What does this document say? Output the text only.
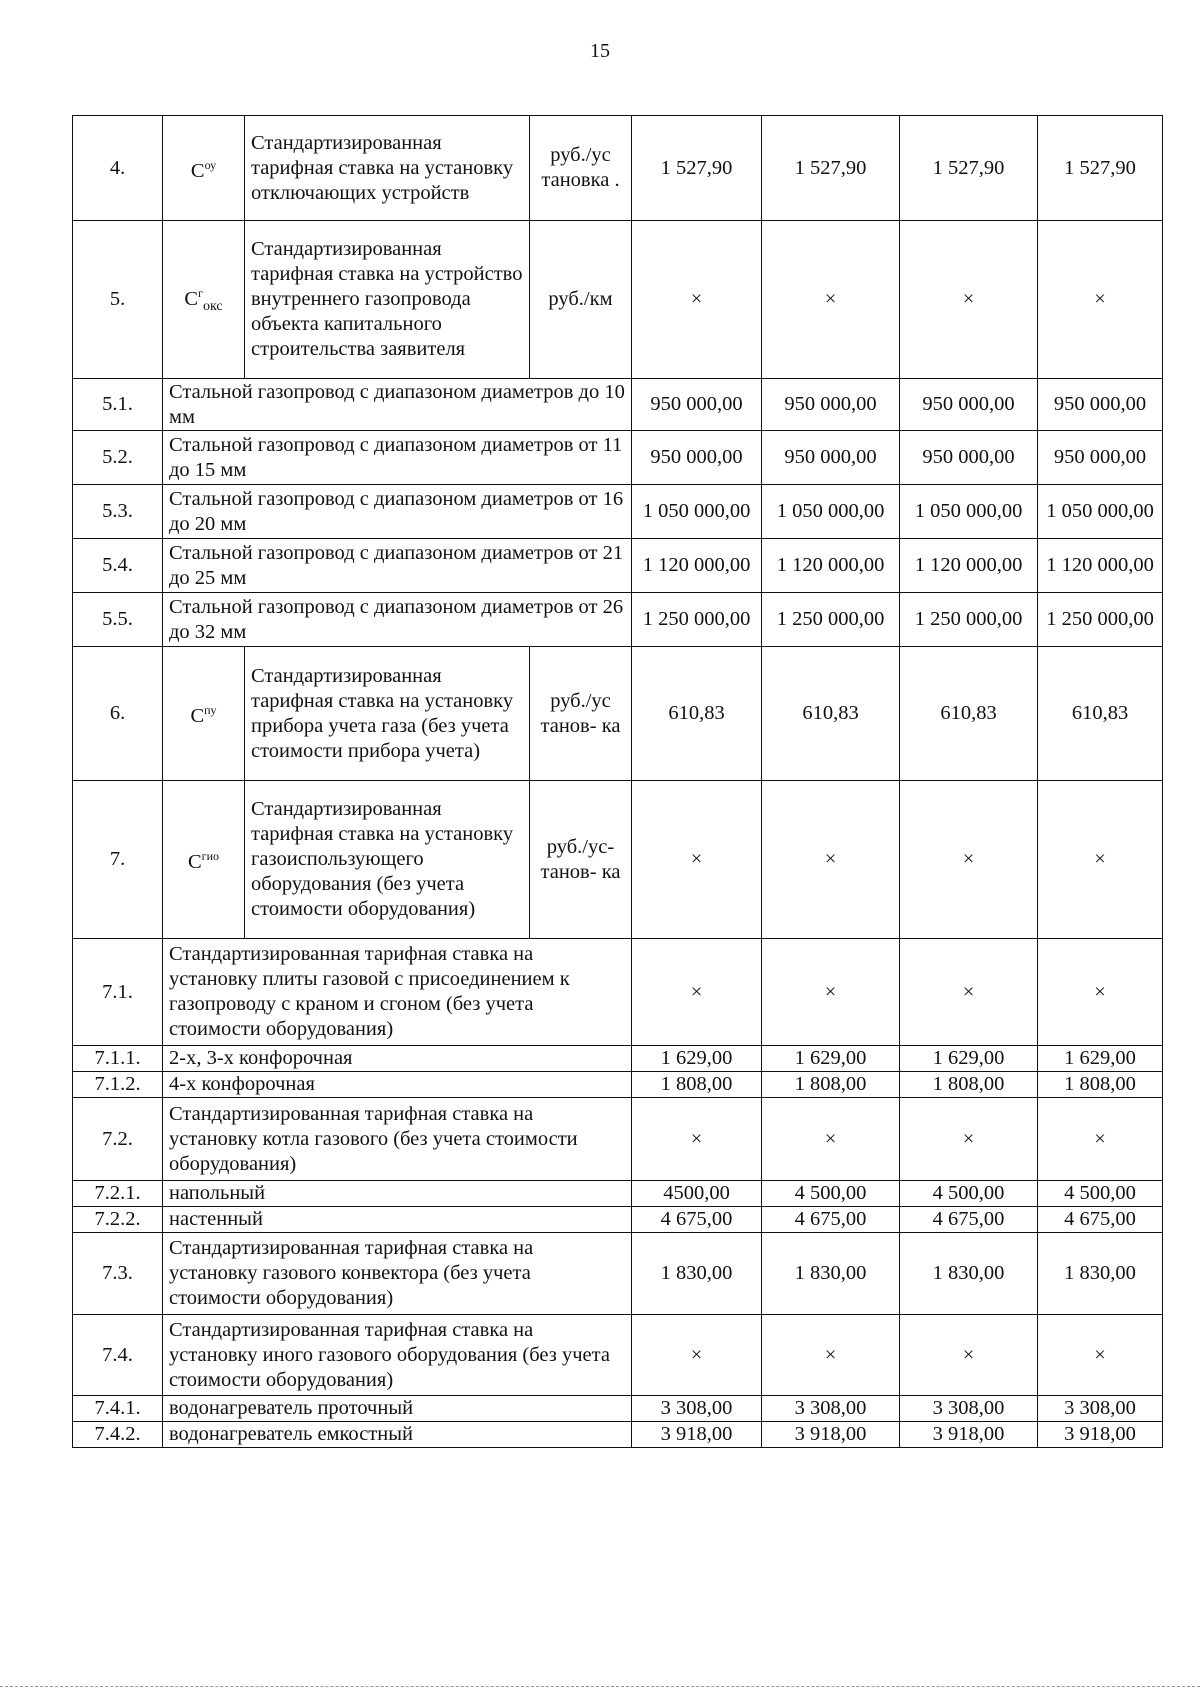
15
4.	$С^{оу}$	Стандартизированная тарифная ставка на установку отключающих устройств	руб./ус тановка .	1 527,90	1 527,90	1 527,90	1 527,90
5.	$С^г_{окс}$	Стандартизированная тарифная ставка на устройство внутреннего газопровода объекта капитального строительства заявителя	руб./км	×	×	×	×
5.1.	Стальной газопровод с диапазоном диаметров до 10 мм			950 000,00	950 000,00	950 000,00	950 000,00
5.2.	Стальной газопровод с диапазоном диаметров от 11 до 15 мм			950 000,00	950 000,00	950 000,00	950 000,00
5.3.	Стальной газопровод с диапазоном диаметров от 16 до 20 мм			1 050 000,00	1 050 000,00	1 050 000,00	1 050 000,00
5.4.	Стальной газопровод с диапазоном диаметров от 21 до 25 мм			1 120 000,00	1 120 000,00	1 120 000,00	1 120 000,00
5.5.	Стальной газопровод с диапазоном диаметров от 26 до 32 мм			1 250 000,00	1 250 000,00	1 250 000,00	1 250 000,00
6.	$С^{пу}$	Стандартизированная тарифная ставка на установку прибора учета газа (без учета стоимости прибора учета)	руб./ус танов- ка	610,83	610,83	610,83	610,83
7.	$С^{гио}$	Стандартизированная тарифная ставка на установку газоиспользующего оборудования (без учета стоимости оборудования)	руб./ус- танов- ка	×	×	×	×
7.1.	Стандартизированная тарифная ставка на установку плиты газовой с присоединением к газопроводу с краном и сгоном (без учета стоимости оборудования)			×	×	×	×
7.1.1.	2-х, 3-х конфорочная			1 629,00	1 629,00	1 629,00	1 629,00
7.1.2.	4-х конфорочная			1 808,00	1 808,00	1 808,00	1 808,00
7.2.	Стандартизированная тарифная ставка на установку котла газового (без учета стоимости оборудования)			×	×	×	×
7.2.1.	напольный			4500,00	4 500,00	4 500,00	4 500,00
7.2.2.	настенный			4 675,00	4 675,00	4 675,00	4 675,00
7.3.	Стандартизированная тарифная ставка на установку газового конвектора (без учета стоимости оборудования)			1 830,00	1 830,00	1 830,00	1 830,00
7.4.	Стандартизированная тарифная ставка на установку иного газового оборудования (без учета стоимости оборудования)			×	×	×	×
7.4.1.	водонагреватель проточный			3 308,00	3 308,00	3 308,00	3 308,00
7.4.2.	водонагреватель емкостный			3 918,00	3 918,00	3 918,00	3 918,00
